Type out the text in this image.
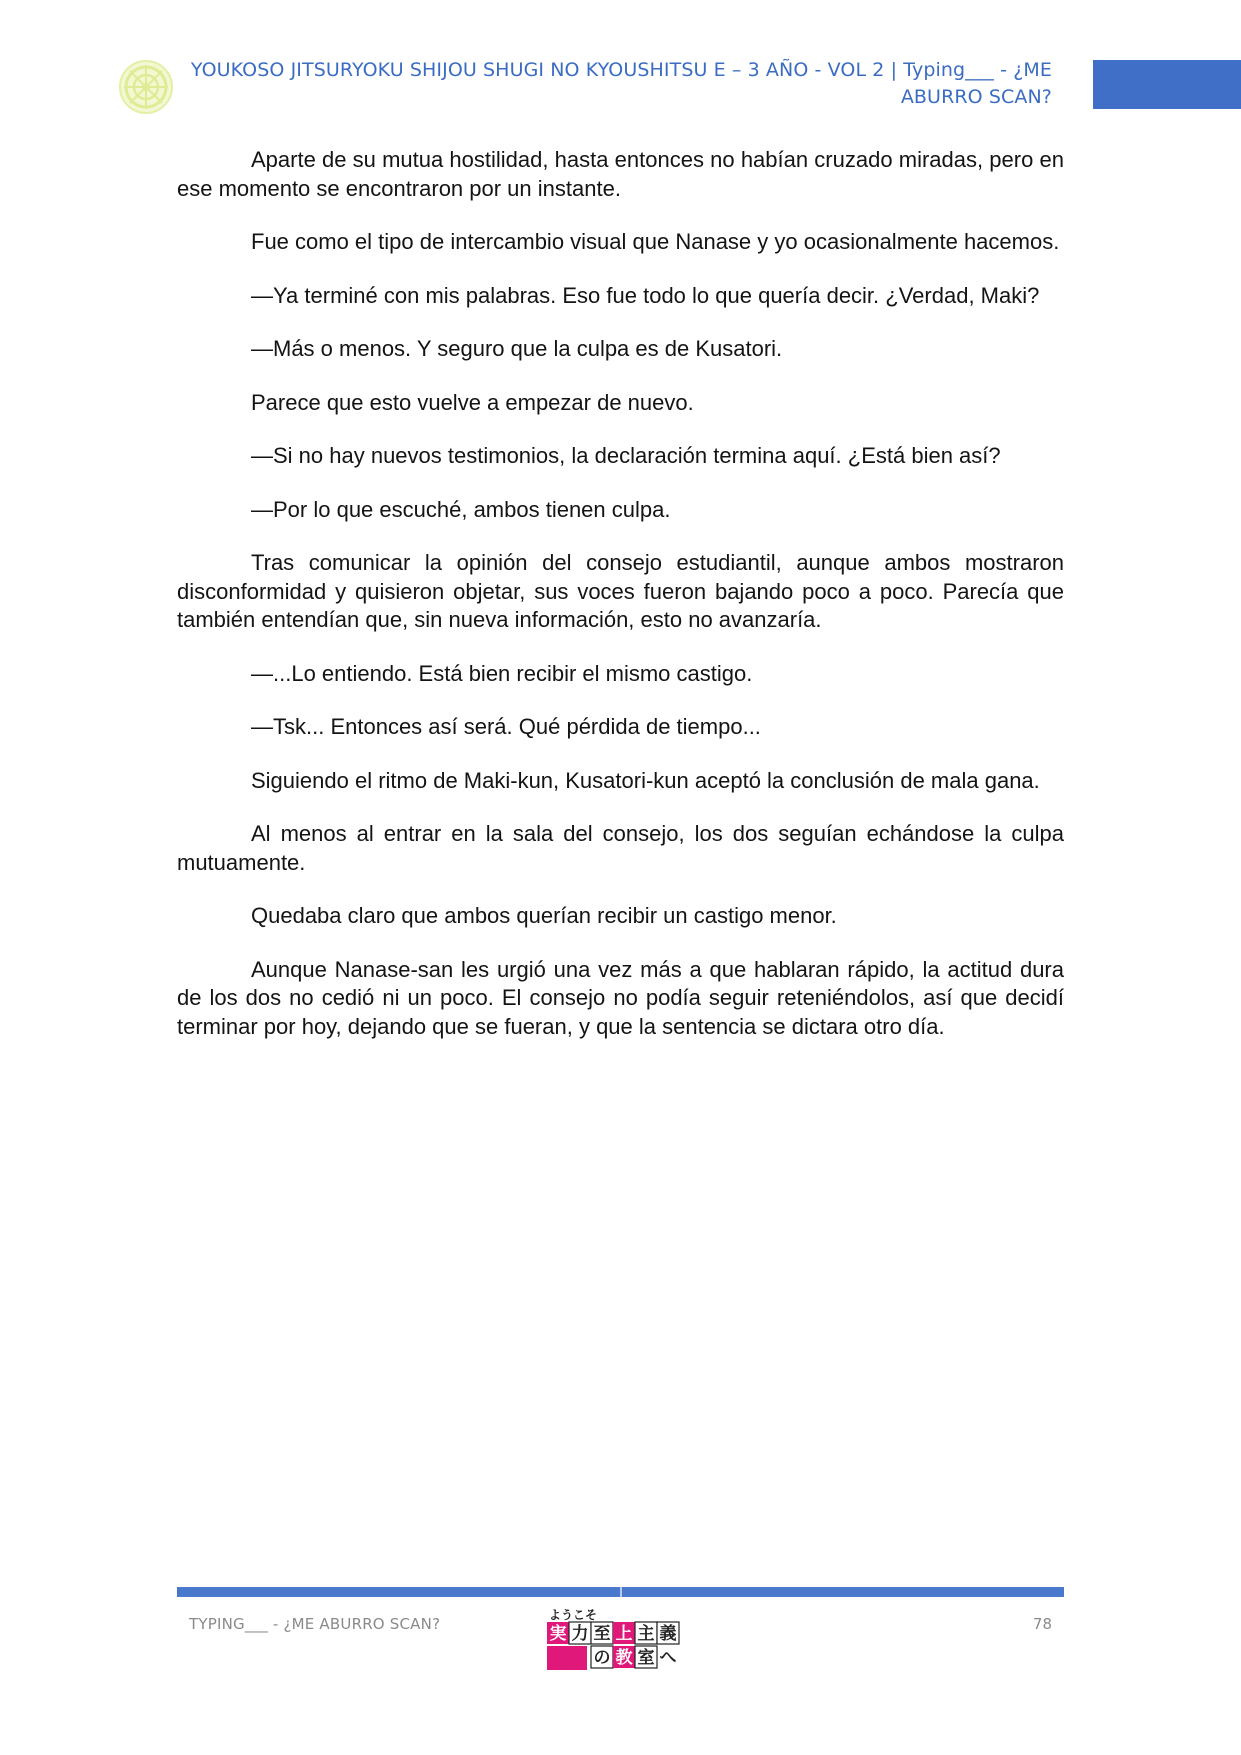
YOUKOSO JITSURYOKU SHIJOU SHUGI NO KYOUSHITSU E – 3 AÑO - VOL 2 | Typing___ - ¿ME
ABURRO SCAN?

Aparte de su mutua hostilidad, hasta entonces no habían cruzado miradas, pero en ese momento se encontraron por un instante.

Fue como el tipo de intercambio visual que Nanase y yo ocasionalmente hacemos.

—Ya terminé con mis palabras. Eso fue todo lo que quería decir. ¿Verdad, Maki?

—Más o menos. Y seguro que la culpa es de Kusatori.

Parece que esto vuelve a empezar de nuevo.

—Si no hay nuevos testimonios, la declaración termina aquí. ¿Está bien así?

—Por lo que escuché, ambos tienen culpa.

Tras comunicar la opinión del consejo estudiantil, aunque ambos mostraron disconformidad y quisieron objetar, sus voces fueron bajando poco a poco. Parecía que también entendían que, sin nueva información, esto no avanzaría.

—...Lo entiendo. Está bien recibir el mismo castigo.

—Tsk... Entonces así será. Qué pérdida de tiempo...

Siguiendo el ritmo de Maki-kun, Kusatori-kun aceptó la conclusión de mala gana.

Al menos al entrar en la sala del consejo, los dos seguían echándose la culpa mutuamente.

Quedaba claro que ambos querían recibir un castigo menor.

Aunque Nanase-san les urgió una vez más a que hablaran rápido, la actitud dura de los dos no cedió ni un poco. El consejo no podía seguir reteniéndolos, así que decidí terminar por hoy, dejando que se fueran, y que la sentencia se dictara otro día.

TYPING___ - ¿ME ABURRO SCAN?	ようこそ
実 力 至 上 主 義
の 教 室 へ
78
